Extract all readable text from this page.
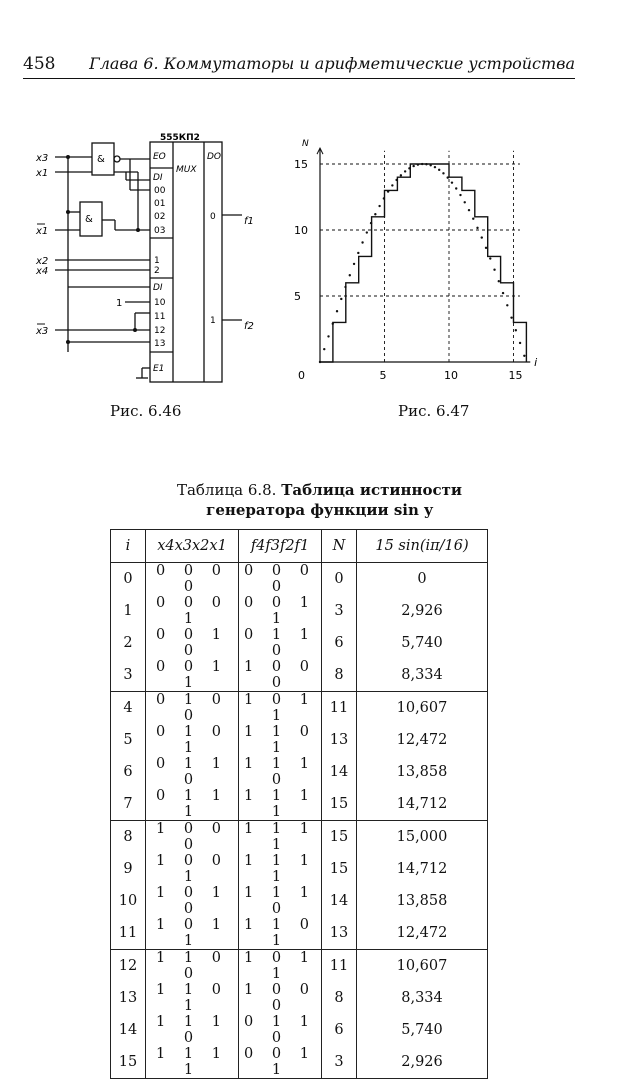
458 Глава 6. Коммутаторы и арифметические устройства
555КП2
EO
MUX
DO
DI
DI
E1
00
01
02
03
1
2
10
11
12
13
0
1
&
&
x3
x1
x1
x2
x4
x3
1
f1
f2
Рис. 6.46
N
i
5
10
15
0	5	10	15
Рис. 6.47
Таблица 6.8. Таблица истинности
генератора функции sin y
i	x4x3x2x1	f4f3f2f1	N	15 sin(iπ/16)
0	0 0 0 0	0 0 0 0	0	0
1	0 0 0 1	0 0 1 1	3	2,926
2	0 0 1 0	0 1 1 0	6	5,740
3	0 0 1 1	1 0 0 0	8	8,334
4	0 1 0 0	1 0 1 1	11	10,607
5	0 1 0 1	1 1 0 1	13	12,472
6	0 1 1 0	1 1 1 0	14	13,858
7	0 1 1 1	1 1 1 1	15	14,712
8	1 0 0 0	1 1 1 1	15	15,000
9	1 0 0 1	1 1 1 1	15	14,712
10	1 0 1 0	1 1 1 0	14	13,858
11	1 0 1 1	1 1 0 1	13	12,472
12	1 1 0 0	1 0 1 1	11	10,607
13	1 1 0 1	1 0 0 0	8	8,334
14	1 1 1 0	0 1 1 0	6	5,740
15	1 1 1 1	0 0 1 1	3	2,926
